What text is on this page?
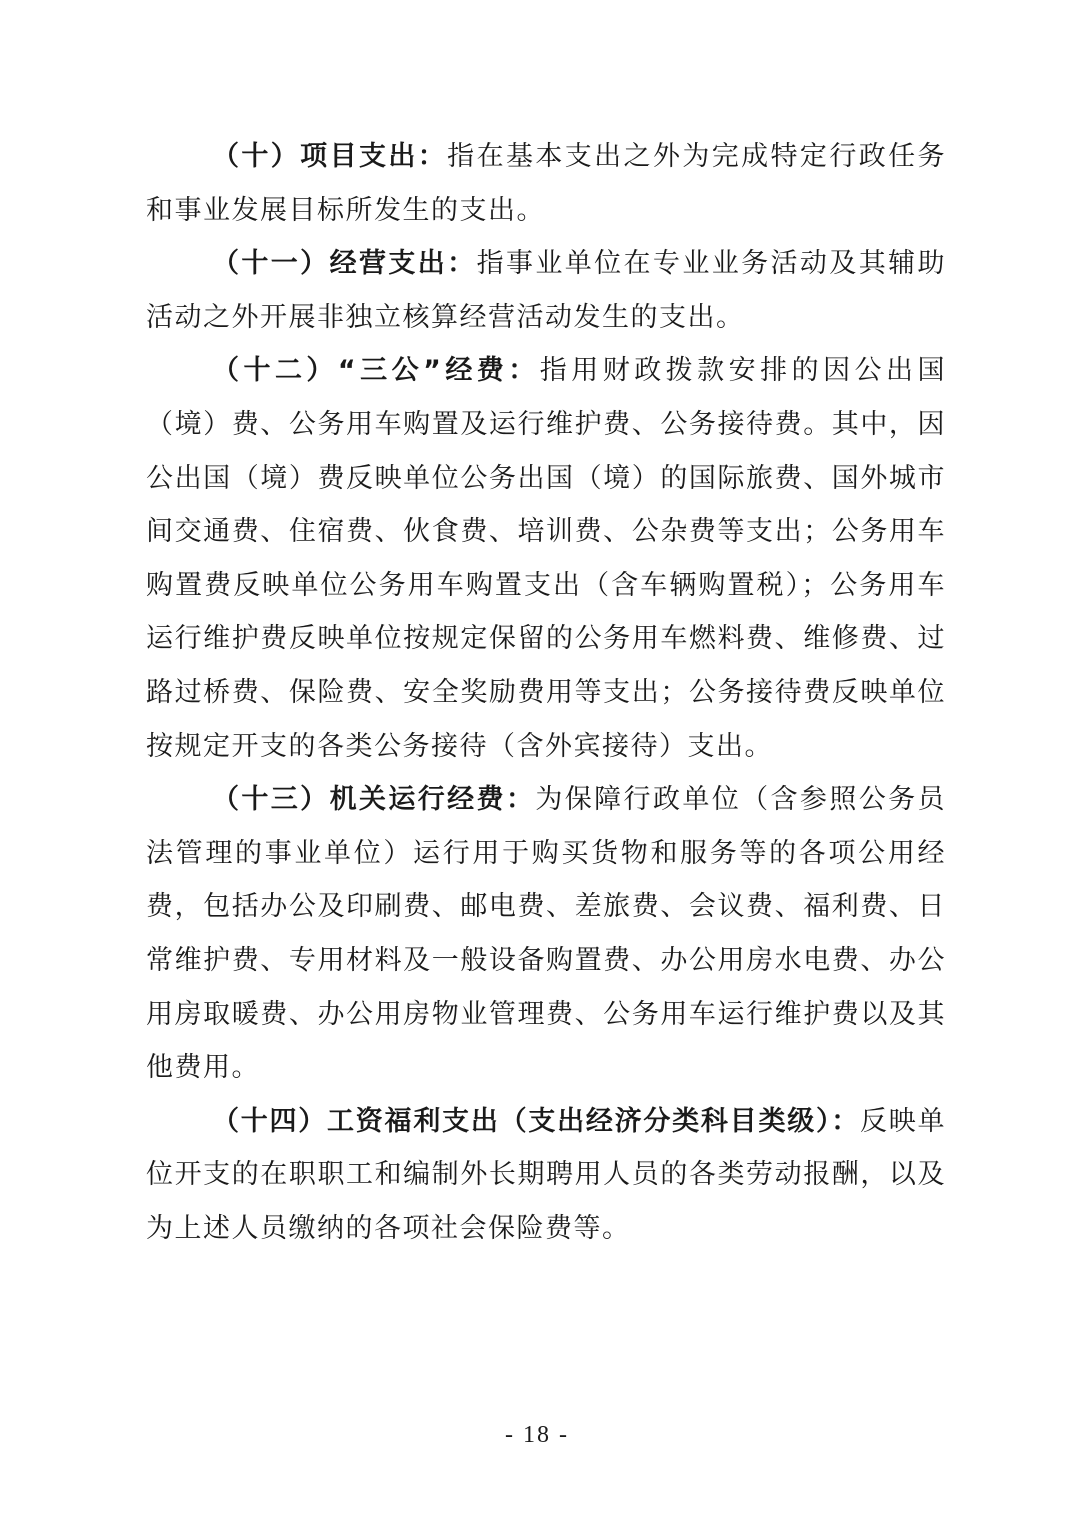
（十）项目支出：指在基本支出之外为完成特定行政任务和事业发展目标所发生的支出。

（十一）经营支出：指事业单位在专业业务活动及其辅助活动之外开展非独立核算经营活动发生的支出。

（十二）“三公”经费：指用财政拨款安排的因公出国（境）费、公务用车购置及运行维护费、公务接待费。其中，因公出国（境）费反映单位公务出国（境）的国际旅费、国外城市间交通费、住宿费、伙食费、培训费、公杂费等支出；公务用车购置费反映单位公务用车购置支出（含车辆购置税）；公务用车运行维护费反映单位按规定保留的公务用车燃料费、维修费、过路过桥费、保险费、安全奖励费用等支出；公务接待费反映单位按规定开支的各类公务接待（含外宾接待）支出。

（十三）机关运行经费：为保障行政单位（含参照公务员法管理的事业单位）运行用于购买货物和服务等的各项公用经费，包括办公及印刷费、邮电费、差旅费、会议费、福利费、日常维护费、专用材料及一般设备购置费、办公用房水电费、办公用房取暖费、办公用房物业管理费、公务用车运行维护费以及其他费用。

（十四）工资福利支出（支出经济分类科目类级）：反映单位开支的在职职工和编制外长期聘用人员的各类劳动报酬，以及为上述人员缴纳的各项社会保险费等。

- 18 -
